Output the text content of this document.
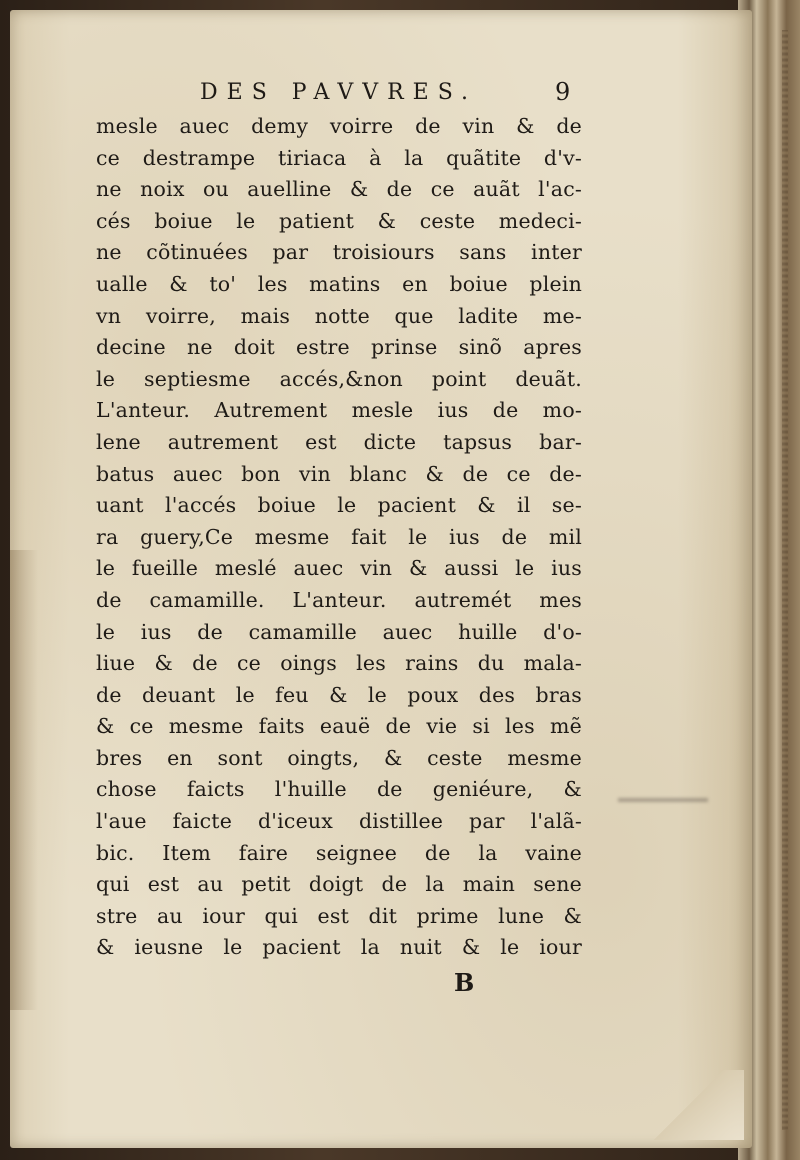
DES PAVVRES.	9
mesle auec demy voirre de vin & de
ce destrampe tiriaca à la quãtite d'v-
ne noix ou auelline & de ce auãt l'ac-
cés boiue le patient & ceste medeci-
ne cõtinuées par troisiours sans inter
ualle & to' les matins en boiue plein
vn voirre, mais notte que ladite me-
decine ne doit estre prinse sinõ apres
le septiesme accés,&non point deuãt.
L'anteur. Autrement mesle ius de mo-
lene autrement est dicte tapsus bar-
batus auec bon vin blanc & de ce de-
uant l'accés boiue le pacient & il se-
ra guery,Ce mesme fait le ius de mil
le fueille meslé auec vin & aussi le ius
de camamille. L'anteur. autremét mes
le ius de camamille auec huille d'o-
liue & de ce oings les rains du mala-
de deuant le feu & le poux des bras
& ce mesme faits eauë de vie si les mẽ
bres en sont oingts, & ceste mesme
chose faicts l'huille de geniéure, &
l'aue faicte d'iceux distillee par l'alã-
bic. Item faire seignee de la vaine
qui est au petit doigt de la main sene
stre au iour qui est dit prime lune &
& ieusne le pacient la nuit & le iour
B
